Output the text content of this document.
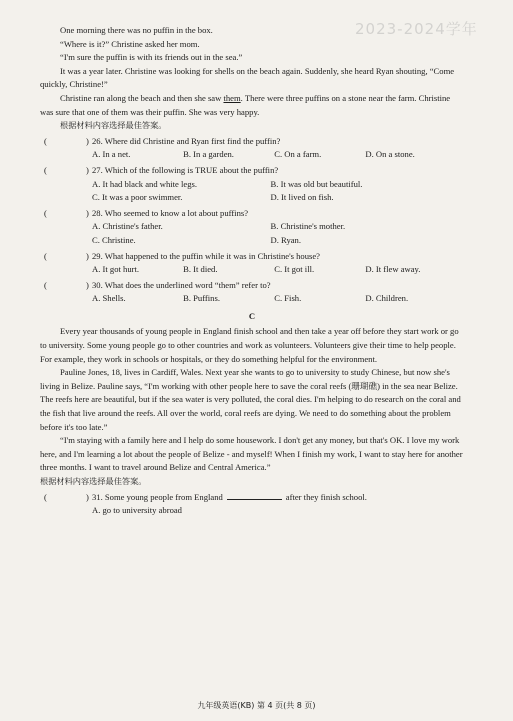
2023-2024学年

One morning there was no puffin in the box.

“Where is it?” Christine asked her mom.

“I'm sure the puffin is with its friends out in the sea.”

It was a year later. Christine was looking for shells on the beach again. Suddenly, she heard Ryan shouting, “Come quickly, Christine!”

Christine ran along the beach and then she saw them. There were three puffins on a stone near the farm. Christine was sure that one of them was their puffin. She was very happy.

根据材料内容选择最佳答案。

(	) 26. Where did Christine and Ryan first find the puffin?
A. In a net.	B. In a garden.	C. On a farm.	D. On a stone.
(	) 27. Which of the following is TRUE about the puffin?
A. It had black and white legs.	B. It was old but beautiful.
C. It was a poor swimmer.	D. It lived on fish.
(	) 28. Who seemed to know a lot about puffins?
A. Christine's father.	B. Christine's mother.
C. Christine.	D. Ryan.
(	) 29. What happened to the puffin while it was in Christine's house?
A. It got hurt.	B. It died.	C. It got ill.	D. It flew away.
(	) 30. What does the underlined word “them” refer to?
A. Shells.	B. Puffins.	C. Fish.	D. Children.
C

Every year thousands of young people in England finish school and then take a year off before they start work or go to university. Some young people go to other countries and work as volunteers. Volunteers give their time to help people. For example, they work in schools or hospitals, or they do something helpful for the environment.

Pauline Jones, 18, lives in Cardiff, Wales. Next year she wants to go to university to study Chinese, but now she's living in Belize. Pauline says, “I'm working with other people here to save the coral reefs (珊瑚礁) in the sea near Belize. The reefs here are beautiful, but if the sea water is very polluted, the coral dies. I'm helping to do research on the coral and the fish that live around the reefs. All over the world, coral reefs are dying. We need to do something about the problem before it's too late.”

“I'm staying with a family here and I help do some housework. I don't get any money, but that's OK. I love my work here, and I'm learning a lot about the people of Belize - and myself! When I finish my work, I want to stay here for another three months. I want to travel around Belize and Central America.”

根据材料内容选择最佳答案。

(	) 31. Some young people from England	after they finish school.
A. go to university abroad
九年级英语(KB) 第 4 页(共 8 页)
